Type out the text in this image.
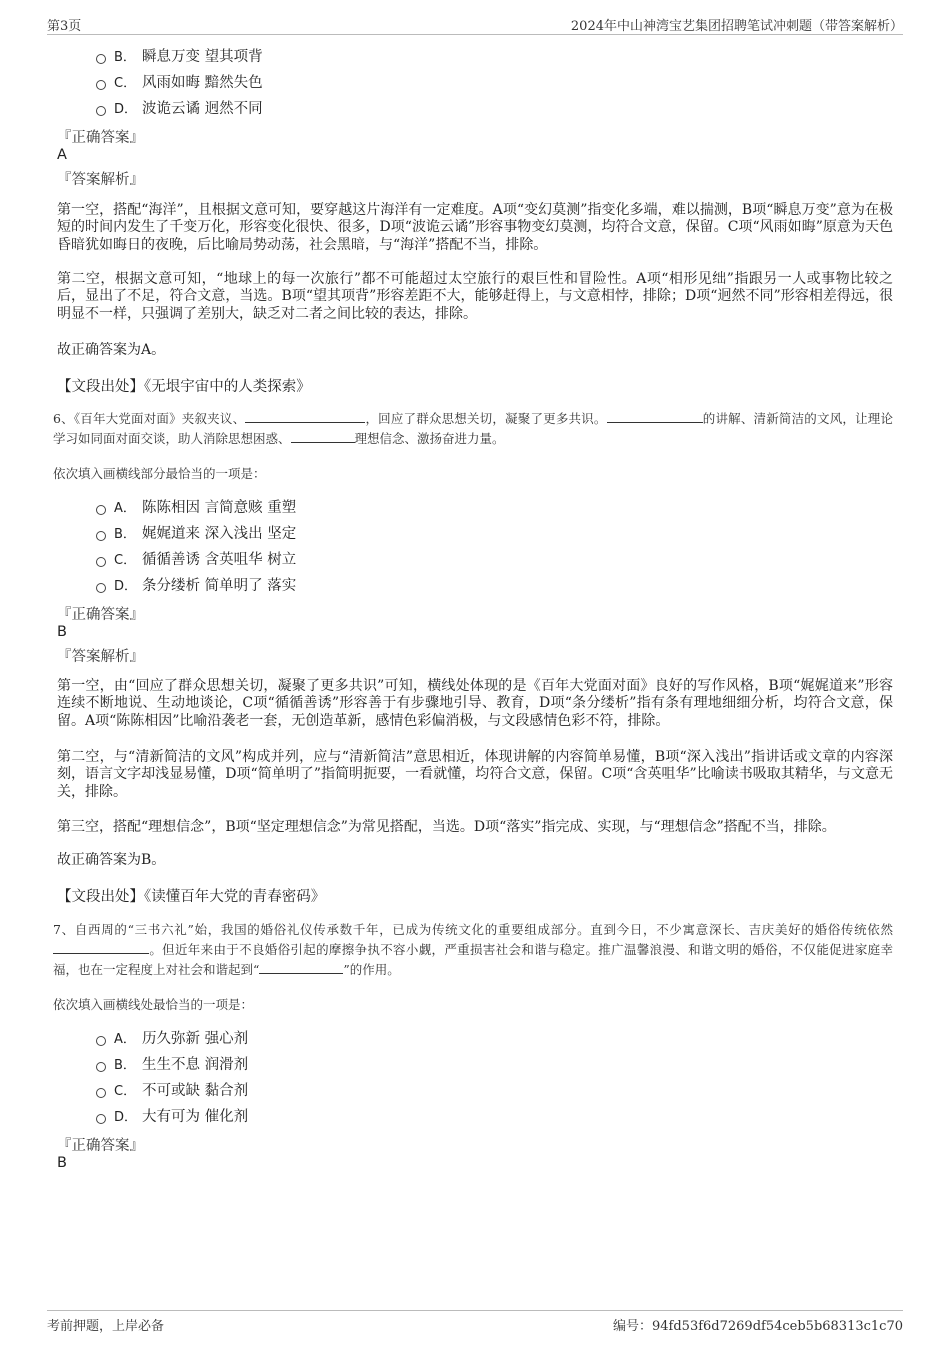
第3页	2024年中山神湾宝艺集团招聘笔试冲刺题（带答案解析）
B． 瞬息万变 望其项背
C． 风雨如晦 黯然失色
D． 波诡云谲 迥然不同
『正确答案』
A
『答案解析』
第一空，搭配“海洋”，且根据文意可知，要穿越这片海洋有一定难度。A项“变幻莫测”指变化多端，难以揣测，B项“瞬息万变”意为在极短的时间内发生了千变万化，形容变化很快、很多，D项“波诡云谲”形容事物变幻莫测，均符合文意，保留。C项“风雨如晦”原意为天色昏暗犹如晦日的夜晚，后比喻局势动荡，社会黑暗，与“海洋”搭配不当，排除。
第二空，根据文意可知，“地球上的每一次旅行”都不可能超过太空旅行的艰巨性和冒险性。A项“相形见绌”指跟另一人或事物比较之后，显出了不足，符合文意，当选。B项“望其项背”形容差距不大，能够赶得上，与文意相悖，排除；D项“迥然不同”形容相差得远，很明显不一样，只强调了差别大，缺乏对二者之间比较的表达，排除。
故正确答案为A。
【文段出处】《无垠宇宙中的人类探索》
6、《百年大党面对面》夹叙夹议、	，回应了群众思想关切，凝聚了更多共识。	的讲解、清新简洁的文风，让理论学习如同面对面交谈，助人消除思想困惑、	理想信念、激扬奋进力量。
依次填入画横线部分最恰当的一项是：
A． 陈陈相因 言简意赅 重塑
B． 娓娓道来 深入浅出 坚定
C． 循循善诱 含英咀华 树立
D． 条分缕析 简单明了 落实
『正确答案』
B
『答案解析』
第一空，由“回应了群众思想关切，凝聚了更多共识”可知，横线处体现的是《百年大党面对面》良好的写作风格，B项“娓娓道来”形容连续不断地说、生动地谈论，C项“循循善诱”形容善于有步骤地引导、教育，D项“条分缕析”指有条有理地细细分析，均符合文意，保留。A项“陈陈相因”比喻沿袭老一套，无创造革新，感情色彩偏消极，与文段感情色彩不符，排除。
第二空，与“清新简洁的文风”构成并列，应与“清新简洁”意思相近，体现讲解的内容简单易懂，B项“深入浅出”指讲话或文章的内容深刻，语言文字却浅显易懂，D项“简单明了”指简明扼要，一看就懂，均符合文意，保留。C项“含英咀华”比喻读书吸取其精华，与文意无关，排除。
第三空，搭配“理想信念”，B项“坚定理想信念”为常见搭配，当选。D项“落实”指完成、实现，与“理想信念”搭配不当，排除。
故正确答案为B。
【文段出处】《读懂百年大党的青春密码》
7、自西周的“三书六礼”始，我国的婚俗礼仪传承数千年，已成为传统文化的重要组成部分。直到今日，不少寓意深长、吉庆美好的婚俗传统依然。但近年来由于不良婚俗引起的摩擦争执不容小觑，严重损害社会和谐与稳定。推广温馨浪漫、和谐文明的婚俗，不仅能促进家庭幸福，也在一定程度上对社会和谐起到“	”的作用。
依次填入画横线处最恰当的一项是：
A． 历久弥新 强心剂
B． 生生不息 润滑剂
C． 不可或缺 黏合剂
D． 大有可为 催化剂
『正确答案』
B
考前押题，上岸必备	编号：94fd53f6d7269df54ceb5b68313c1c70
